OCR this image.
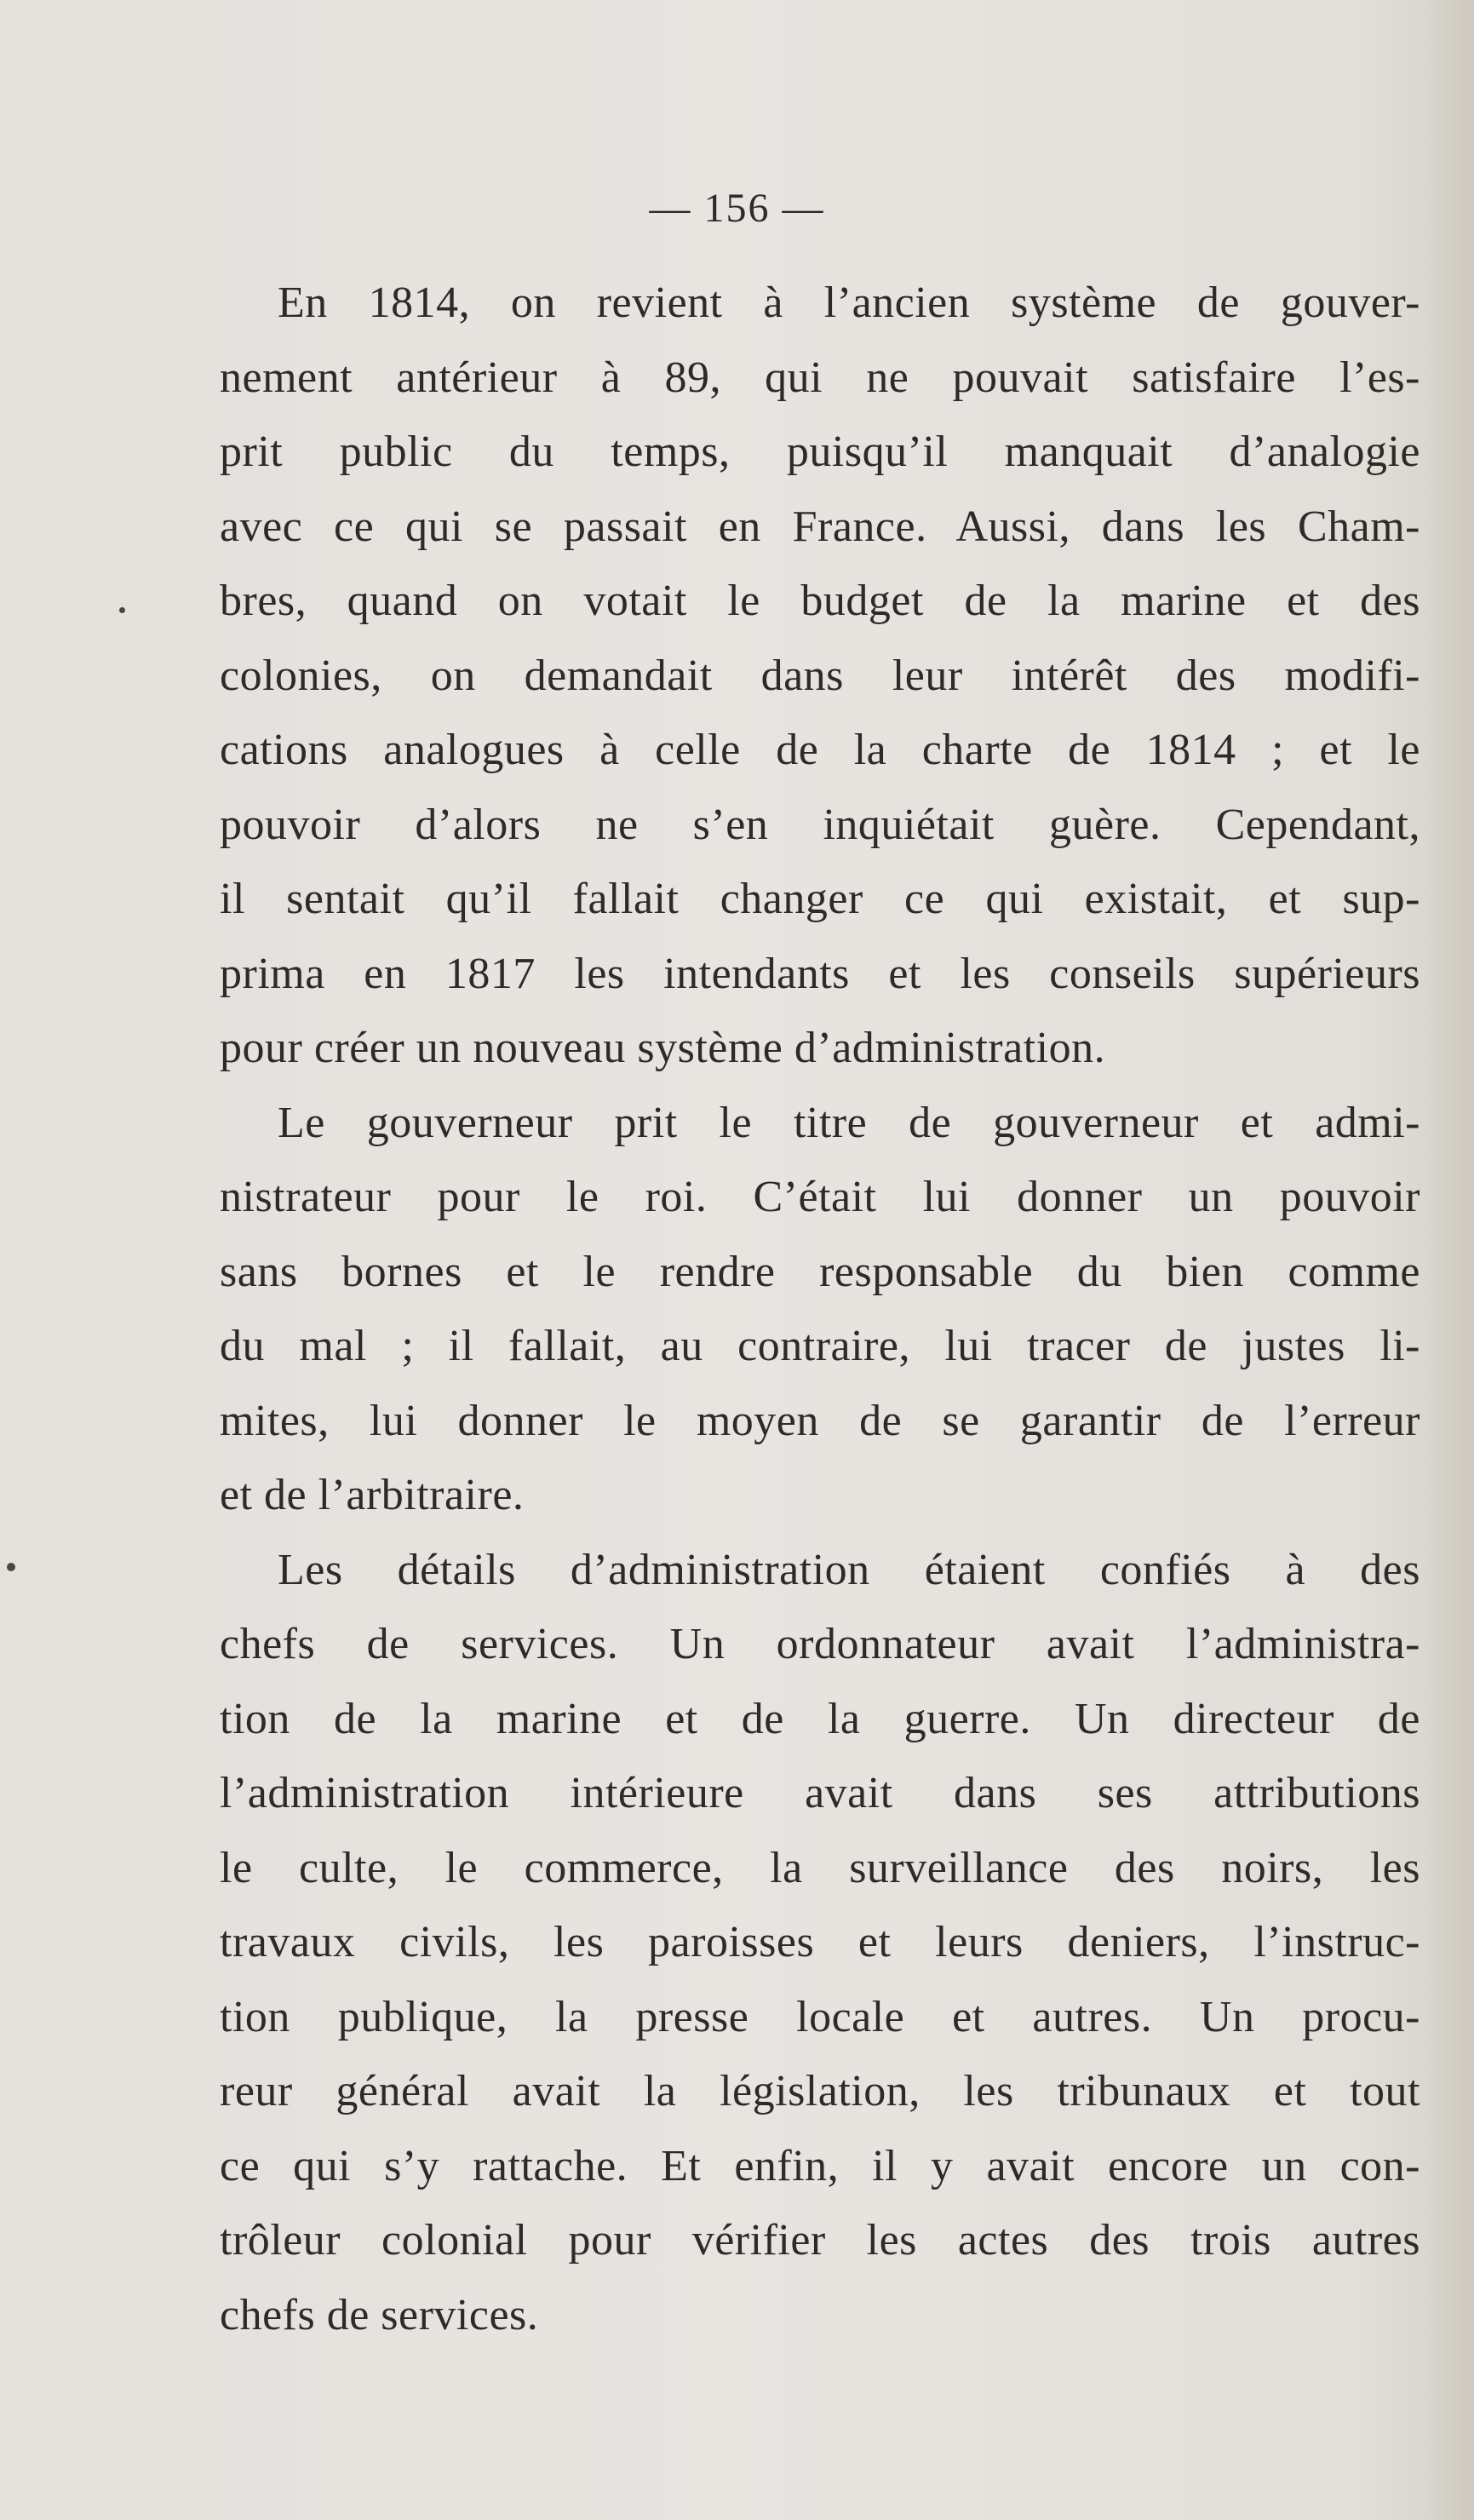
— 156 —
En 1814, on revient à l’ancien système de gouver-
nement antérieur à 89, qui ne pouvait satisfaire l’es-
prit public du temps, puisqu’il manquait d’analogie
avec ce qui se passait en France. Aussi, dans les Cham-
bres, quand on votait le budget de la marine et des
colonies, on demandait dans leur intérêt des modifi-
cations analogues à celle de la charte de 1814 ; et le
pouvoir d’alors ne s’en inquiétait guère. Cependant,
il sentait qu’il fallait changer ce qui existait, et sup-
prima en 1817 les intendants et les conseils supérieurs
pour créer un nouveau système d’administration.
Le gouverneur prit le titre de gouverneur et admi-
nistrateur pour le roi. C’était lui donner un pouvoir
sans bornes et le rendre responsable du bien comme
du mal ; il fallait, au contraire, lui tracer de justes li-
mites, lui donner le moyen de se garantir de l’erreur
et de l’arbitraire.
Les détails d’administration étaient confiés à des
chefs de services. Un ordonnateur avait l’administra-
tion de la marine et de la guerre. Un directeur de
l’administration intérieure avait dans ses attributions
le culte, le commerce, la surveillance des noirs, les
travaux civils, les paroisses et leurs deniers, l’instruc-
tion publique, la presse locale et autres. Un procu-
reur général avait la législation, les tribunaux et tout
ce qui s’y rattache. Et enfin, il y avait encore un con-
trôleur colonial pour vérifier les actes des trois autres
chefs de services.
